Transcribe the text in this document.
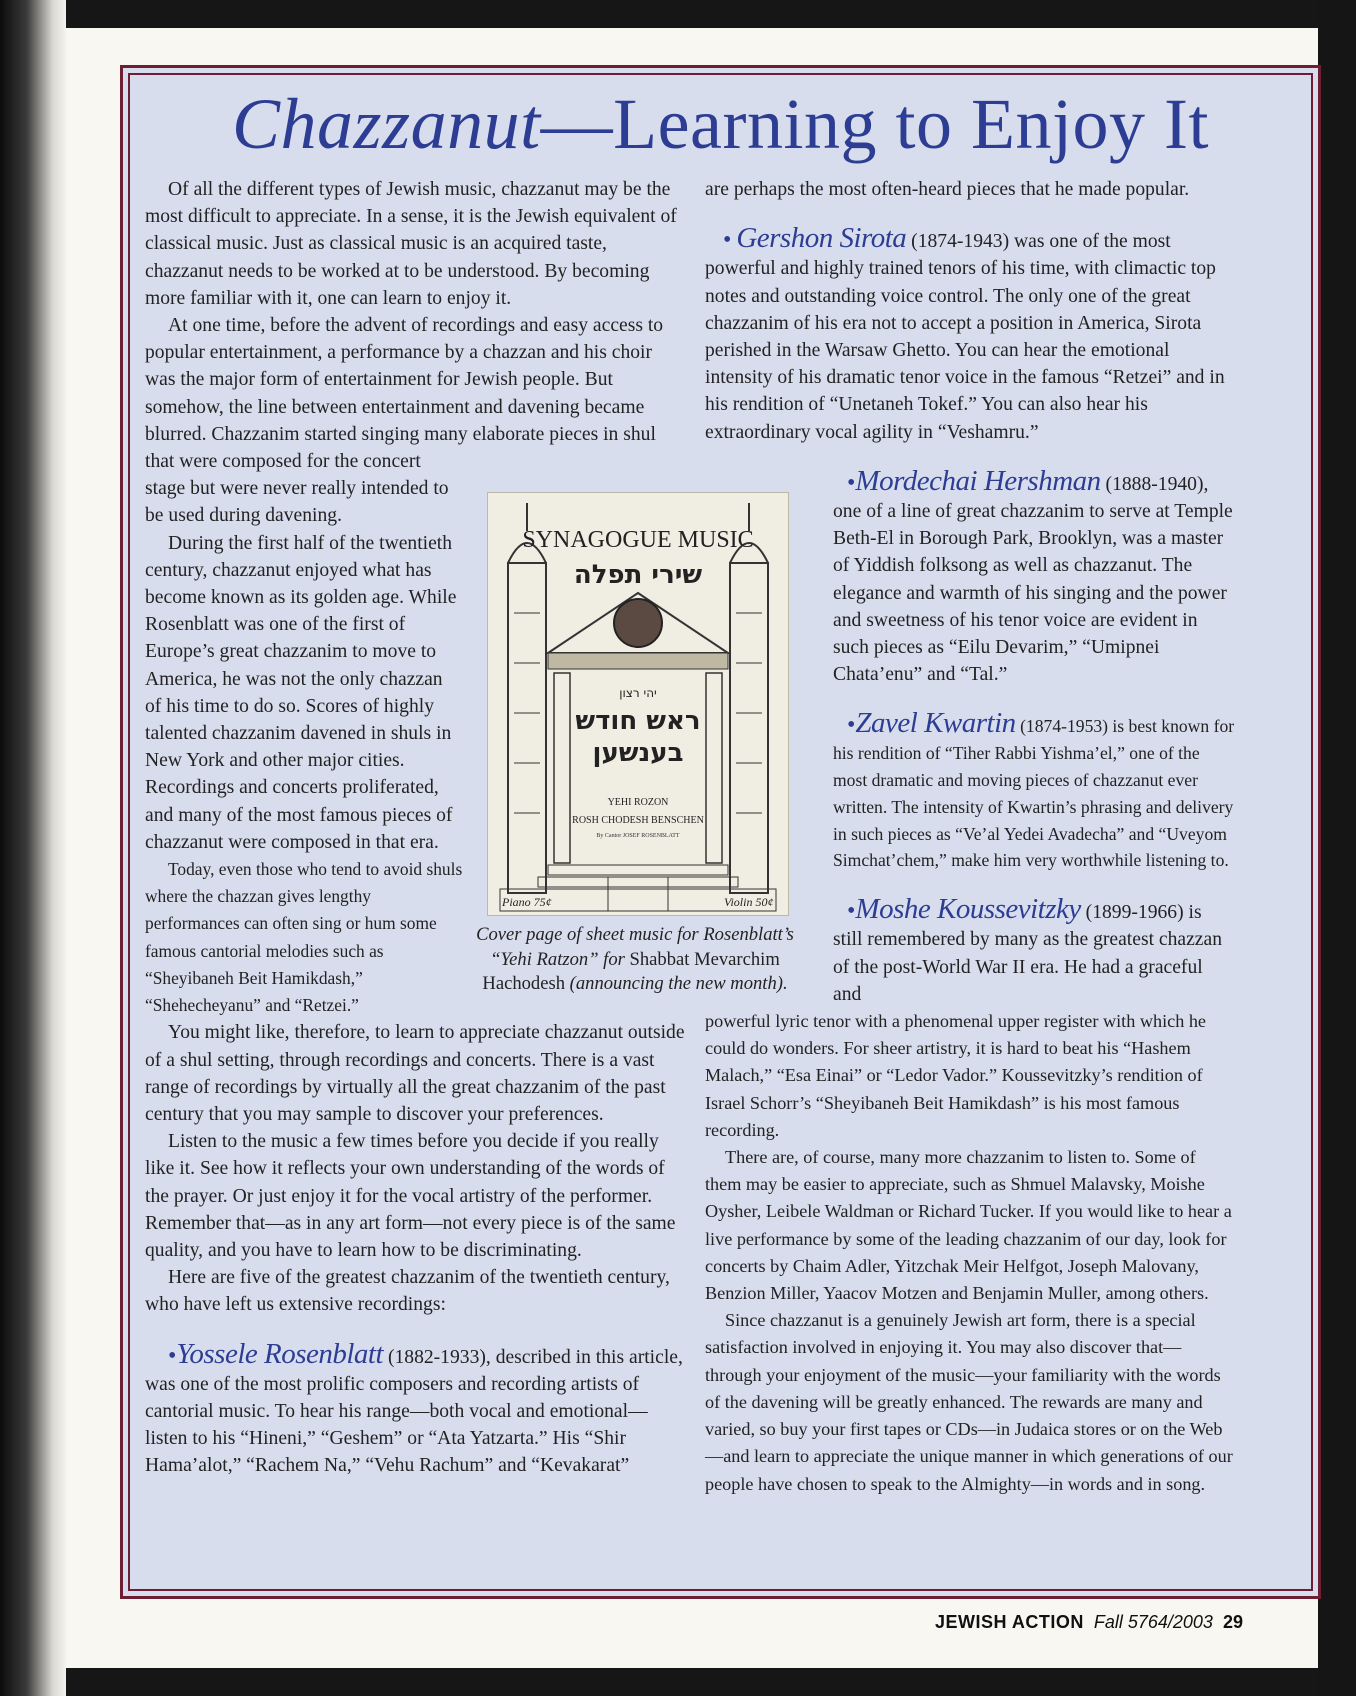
Chazzanut—Learning to Enjoy It

Of all the different types of Jewish music, chazzanut may be the most difficult to appreciate. In a sense, it is the Jewish equivalent of classical music. Just as classical music is an acquired taste, chazzanut needs to be worked at to be understood. By becoming more familiar with it, one can learn to enjoy it.

At one time, before the advent of recordings and easy access to popular entertainment, a performance by a chazzan and his choir was the major form of entertainment for Jewish people. But somehow, the line between entertainment and davening became blurred. Chazzanim started singing many elaborate pieces in shul that were composed for the concert

stage but were never really intended to be used during davening.

During the first half of the twentieth century, chazzanut enjoyed what has become known as its golden age. While Rosenblatt was one of the first of Europe’s great chazzanim to move to America, he was not the only chazzan of his time to do so. Scores of highly talented chazzanim davened in shuls in New York and other major cities. Recordings and concerts proliferated, and many of the most famous pieces of chazzanut were composed in that era.

Today, even those who tend to avoid shuls where the chazzan gives lengthy performances can often sing or hum some famous cantorial melodies such as “Sheyibaneh Beit Hamikdash,” “Shehecheyanu” and “Retzei.”

You might like, therefore, to learn to appreciate chazzanut outside of a shul setting, through recordings and concerts. There is a vast range of recordings by virtually all the great chazzanim of the past century that you may sample to discover your preferences.

Listen to the music a few times before you decide if you really like it. See how it reflects your own understanding of the words of the prayer. Or just enjoy it for the vocal artistry of the performer. Remember that—as in any art form—not every piece is of the same quality, and you have to learn how to be discriminating.

Here are five of the greatest chazzanim of the twentieth century, who have left us extensive recordings:

•Yossele Rosenblatt (1882-1933), described in this article, was one of the most prolific composers and recording artists of cantorial music. To hear his range—both vocal and emotional—listen to his “Hineni,” “Geshem” or “Ata Yatzarta.” His “Shir Hama’alot,” “Rachem Na,” “Vehu Rachum” and “Kevakarat”

are perhaps the most often-heard pieces that he made popular.

• Gershon Sirota (1874-1943) was one of the most powerful and highly trained tenors of his time, with climactic top notes and outstanding voice control. The only one of the great chazzanim of his era not to accept a position in America, Sirota perished in the Warsaw Ghetto. You can hear the emotional intensity of his dramatic tenor voice in the famous “Retzei” and in his rendition of “Unetaneh Tokef.” You can also hear his extraordinary vocal agility in “Veshamru.”

•Mordechai Hershman (1888-1940), one of a line of great chazzanim to serve at Temple Beth-El in Borough Park, Brooklyn, was a master of Yiddish folksong as well as chazzanut. The elegance and warmth of his singing and the power and sweetness of his tenor voice are evident in such pieces as “Eilu Devarim,” “Umipnei Chata’enu” and “Tal.”

•Zavel Kwartin (1874-1953) is best known for his rendition of “Tiher Rabbi Yishma’el,” one of the most dramatic and moving pieces of chazzanut ever written. The intensity of Kwartin’s phrasing and delivery in such pieces as “Ve’al Yedei Avadecha” and “Uveyom Simchat’chem,” make him very worthwhile listening to.

•Moshe Koussevitzky (1899-1966) is still remembered by many as the greatest chazzan of the post-World War II era. He had a graceful and

powerful lyric tenor with a phenomenal upper register with which he could do wonders. For sheer artistry, it is hard to beat his “Hashem Malach,” “Esa Einai” or “Ledor Vador.” Koussevitzky’s rendition of Israel Schorr’s “Sheyibaneh Beit Hamikdash” is his most famous recording.

There are, of course, many more chazzanim to listen to. Some of them may be easier to appreciate, such as Shmuel Malavsky, Moishe Oysher, Leibele Waldman or Richard Tucker. If you would like to hear a live performance by some of the leading chazzanim of our day, look for concerts by Chaim Adler, Yitzchak Meir Helfgot, Joseph Malovany, Benzion Miller, Yaacov Motzen and Benjamin Muller, among others.

Since chazzanut is a genuinely Jewish art form, there is a special satisfaction involved in enjoying it. You may also discover that—through your enjoyment of the music—your familiarity with the words of the davening will be greatly enhanced. The rewards are many and varied, so buy your first tapes or CDs—in Judaica stores or on the Web—and learn to appreciate the unique manner in which generations of our people have chosen to speak to the Almighty—in words and in song.

SYNAGOGUE MUSIC
שירי תפלה
יהי רצון
ראש חודש
בענשען
YEHI ROZON
ROSH CHODESH BENSCHEN
By Cantor JOSEF ROSENBLATT
Piano 75¢	Violin 50¢
Cover page of sheet music for Rosenblatt’s
“Yehi Ratzon” for Shabbat Mevarchim
Hachodesh (announcing the new month).
JEWISH ACTION Fall 5764/2003 29
